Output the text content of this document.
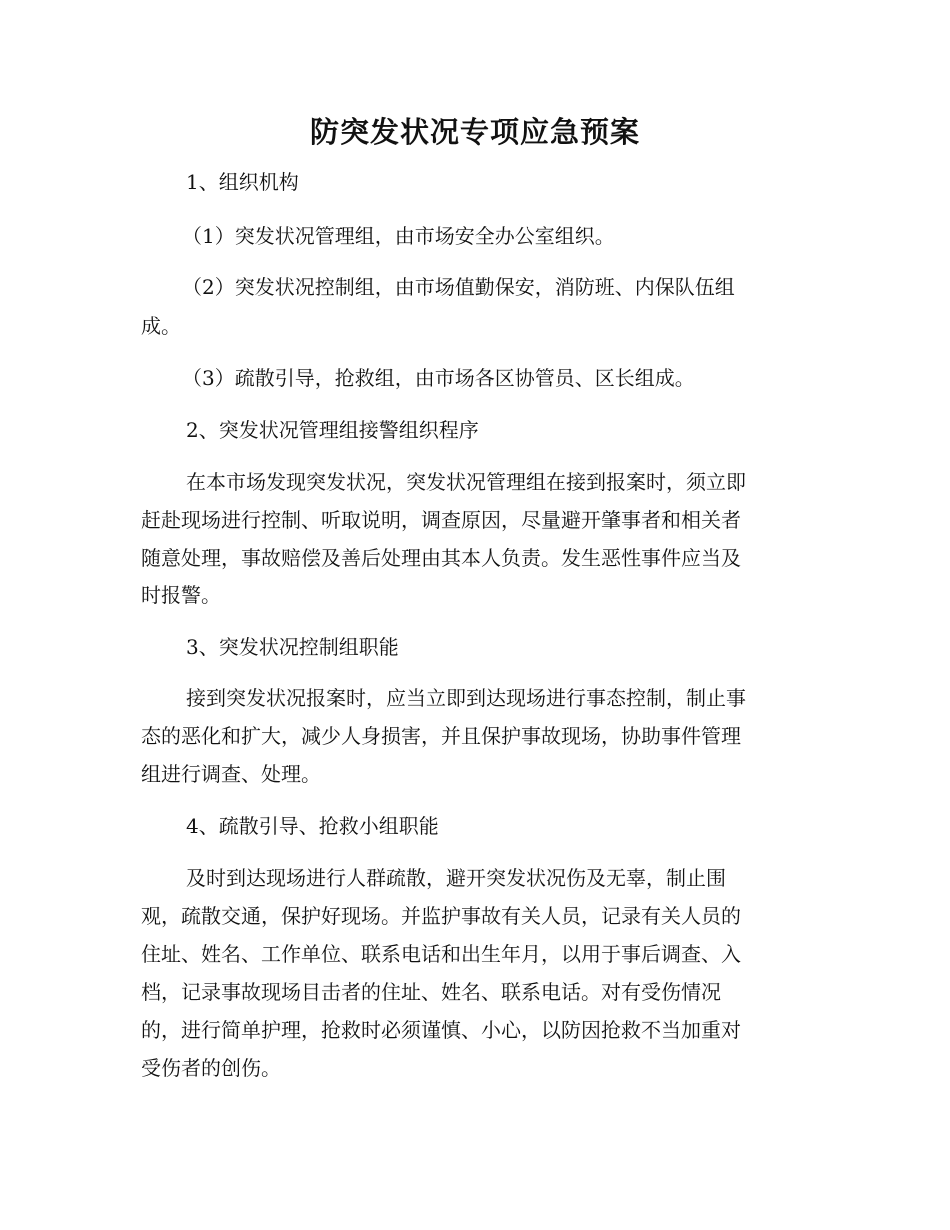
防突发状况专项应急预案

1、组织机构

（1）突发状况管理组，由市场安全办公室组织。

（2）突发状况控制组，由市场值勤保安，消防班、内保队伍组

成。

（3）疏散引导，抢救组，由市场各区协管员、区长组成。

2、突发状况管理组接警组织程序

在本市场发现突发状况，突发状况管理组在接到报案时，须立即

赶赴现场进行控制、听取说明，调查原因，尽量避开肇事者和相关者

随意处理，事故赔偿及善后处理由其本人负责。发生恶性事件应当及

时报警。

3、突发状况控制组职能

接到突发状况报案时，应当立即到达现场进行事态控制，制止事

态的恶化和扩大，减少人身损害，并且保护事故现场，协助事件管理

组进行调查、处理。

4、疏散引导、抢救小组职能

及时到达现场进行人群疏散，避开突发状况伤及无辜，制止围

观，疏散交通，保护好现场。并监护事故有关人员，记录有关人员的

住址、姓名、工作单位、联系电话和出生年月，以用于事后调查、入

档，记录事故现场目击者的住址、姓名、联系电话。对有受伤情况

的，进行简单护理，抢救时必须谨慎、小心，以防因抢救不当加重对

受伤者的创伤。
